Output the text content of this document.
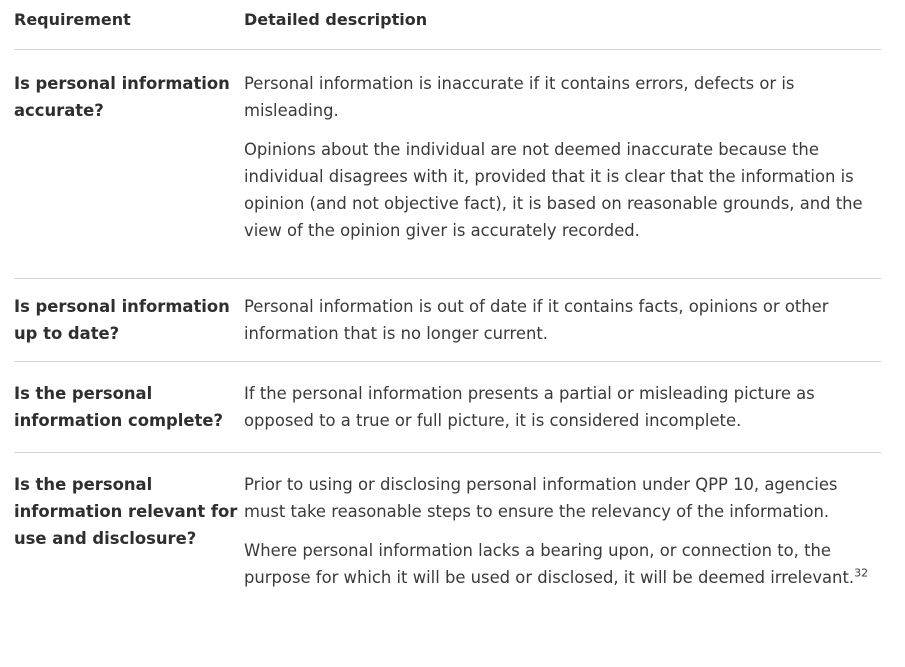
Requirement	Detailed description
Is personal information accurate?

Personal information is inaccurate if it contains errors, defects or is misleading.

Opinions about the individual are not deemed inaccurate because the individual disagrees with it, provided that it is clear that the information is opinion (and not objective fact), it is based on reasonable grounds, and the view of the opinion giver is accurately recorded.

Is personal information up to date?

Personal information is out of date if it contains facts, opinions or other information that is no longer current.

Is the personal information complete?

If the personal information presents a partial or misleading picture as opposed to a true or full picture, it is considered incomplete.

Is the personal information relevant for use and disclosure?

Prior to using or disclosing personal information under QPP 10, agencies must take reasonable steps to ensure the relevancy of the information.

Where personal information lacks a bearing upon, or connection to, the purpose for which it will be used or disclosed, it will be deemed irrelevant.$^{32}$
